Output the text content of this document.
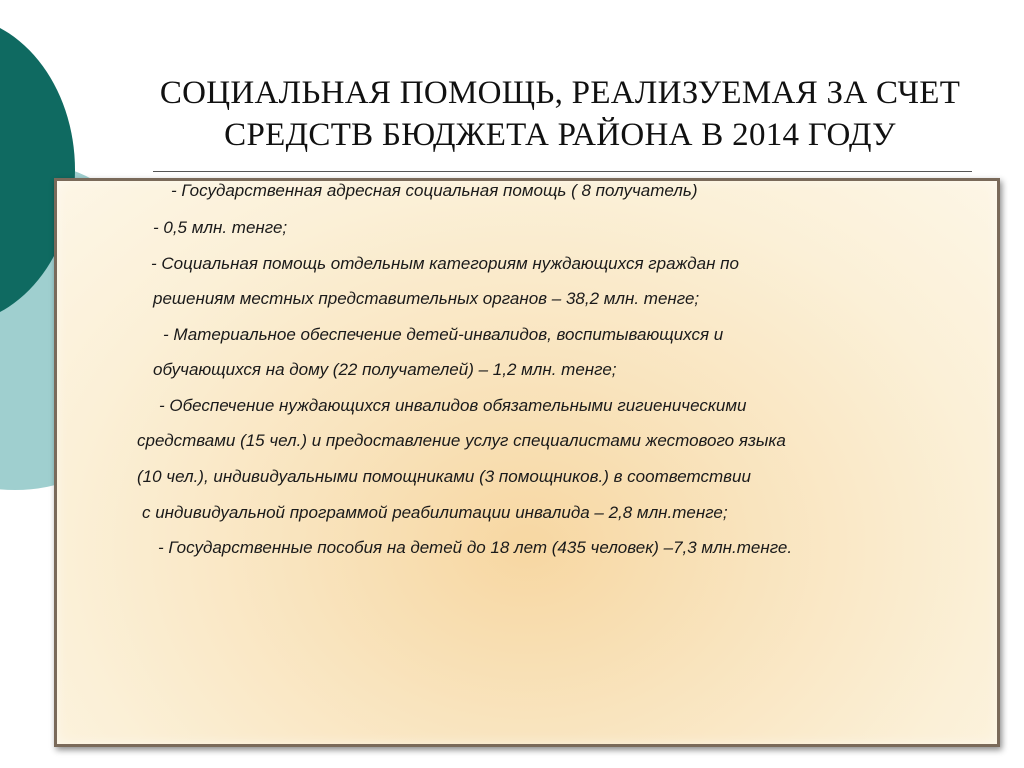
СОЦИАЛЬНАЯ ПОМОЩЬ, РЕАЛИЗУЕМАЯ ЗА СЧЕТ
СРЕДСТВ БЮДЖЕТА РАЙОНА В 2014 ГОДУ
- Государственная адресная социальная помощь ( 8 получатель)
- 0,5 млн. тенге;
- Социальная помощь отдельным категориям нуждающихся граждан по
решениям местных представительных органов – 38,2 млн. тенге;
- Материальное обеспечение детей-инвалидов, воспитывающихся и
обучающихся на дому (22 получателей) – 1,2 млн. тенге;
- Обеспечение нуждающихся инвалидов обязательными гигиеническими
средствами (15 чел.) и предоставление услуг специалистами жестового языка
(10 чел.), индивидуальными помощниками (3 помощников.) в соответствии
с индивидуальной программой реабилитации инвалида – 2,8 млн.тенге;
- Государственные пособия на детей до 18 лет (435 человек) –7,3 млн.тенге.
